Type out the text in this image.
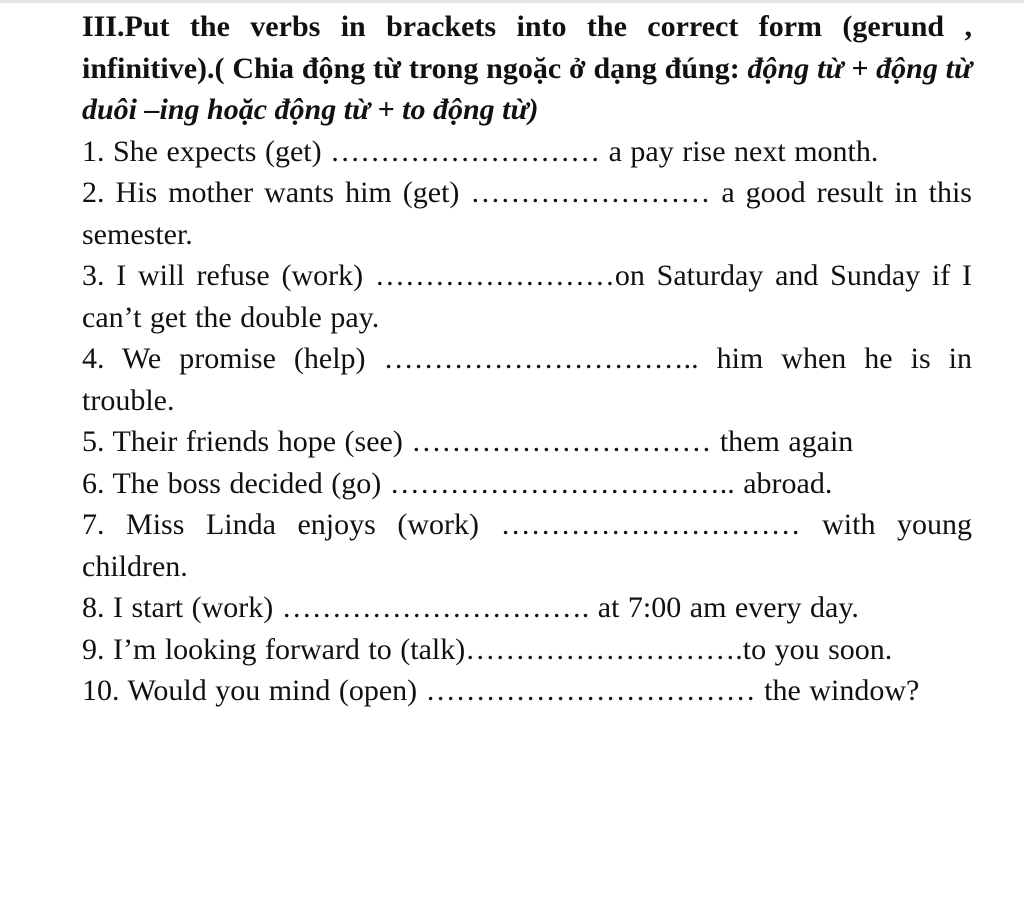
III.Put the verbs in brackets into the correct form (gerund , infinitive).( Chia động từ trong ngoặc ở dạng đúng: động từ + động từ duôi –ing hoặc động từ + to động từ)

1. She expects (get) ……………………… a pay rise next month.

2. His mother wants him (get) …………………… a good result in this semester.

3. I will refuse (work) ……………………on Saturday and Sunday if I can’t get the double pay.

4. We promise (help) ………………………….. him when he is in trouble.

5. Their friends hope (see) ………………………… them again

6. The boss decided (go) …………………………….. abroad.

7. Miss Linda enjoys (work) ………………………… with young children.

8. I start (work) …………………………. at 7:00 am every day.

9. I’m looking forward to (talk)……………………….to you soon.

10. Would you mind (open) …………………………… the window?
